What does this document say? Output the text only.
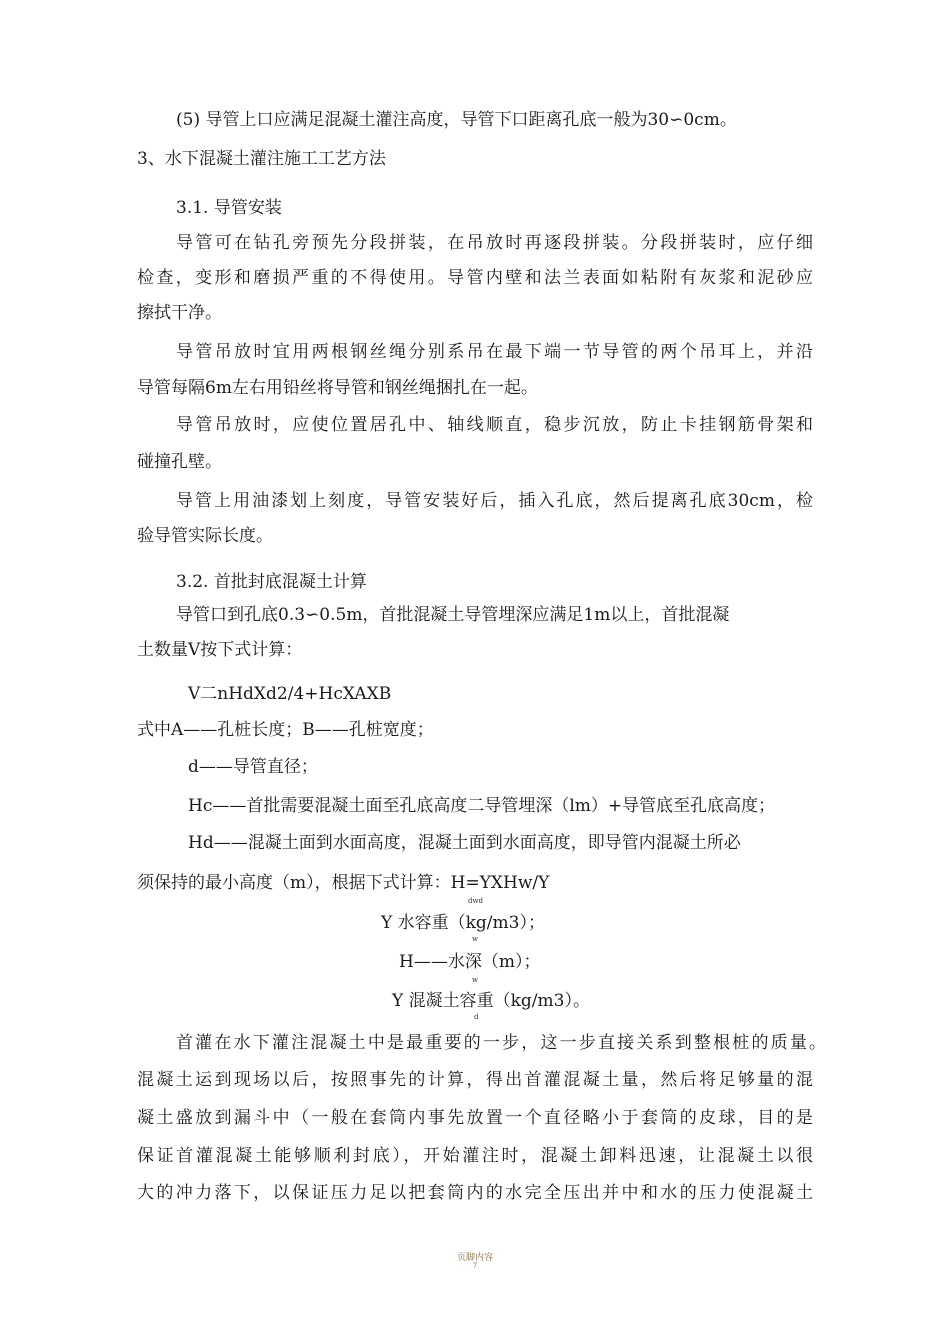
(5) 导管上口应满足混凝土灌注高度，导管下口距离孔底一般为30∽0cm。
3、水下混凝土灌注施工工艺方法
3.1. 导管安装
导管可在钻孔旁预先分段拼装，在吊放时再逐段拼装。分段拼装时，应仔细
检查，变形和磨损严重的不得使用。导管内壁和法兰表面如粘附有灰浆和泥砂应
擦拭干净。
导管吊放时宜用两根钢丝绳分别系吊在最下端一节导管的两个吊耳上，并沿
导管每隔6m左右用铅丝将导管和钢丝绳捆扎在一起。
导管吊放时，应使位置居孔中、轴线顺直，稳步沉放，防止卡挂钢筋骨架和
碰撞孔壁。
导管上用油漆划上刻度，导管安装好后，插入孔底，然后提离孔底30cm，检
验导管实际长度。
3.2. 首批封底混凝土计算
导管口到孔底0.3∽0.5m，首批混凝土导管埋深应满足1m以上，首批混凝
土数量V按下式计算：
V二nHdXd2/4+HcXAXB
式中A——孔桩长度；B——孔桩宽度；
d——导管直径；
Hc——首批需要混凝土面至孔底高度二导管埋深（lm）+导管底至孔底高度；
Hd——混凝土面到水面高度，混凝土面到水面高度，即导管内混凝土所必
须保持的最小高度（m），根据下式计算：H=YXHw/Y
dwd
Y 水容重（kg/m3）；
w
H——水深（m）；
w
Y 混凝土容重（kg/m3）。
d
首灌在水下灌注混凝土中是最重要的一步，这一步直接关系到整根桩的质量。
混凝土运到现场以后，按照事先的计算，得出首灌混凝土量，然后将足够量的混
凝土盛放到漏斗中（一般在套筒内事先放置一个直径略小于套筒的皮球，目的是
保证首灌混凝土能够顺利封底），开始灌注时，混凝土卸料迅速，让混凝土以很
大的冲力落下，以保证压力足以把套筒内的水完全压出并中和水的压力使混凝土
页脚内容
7
